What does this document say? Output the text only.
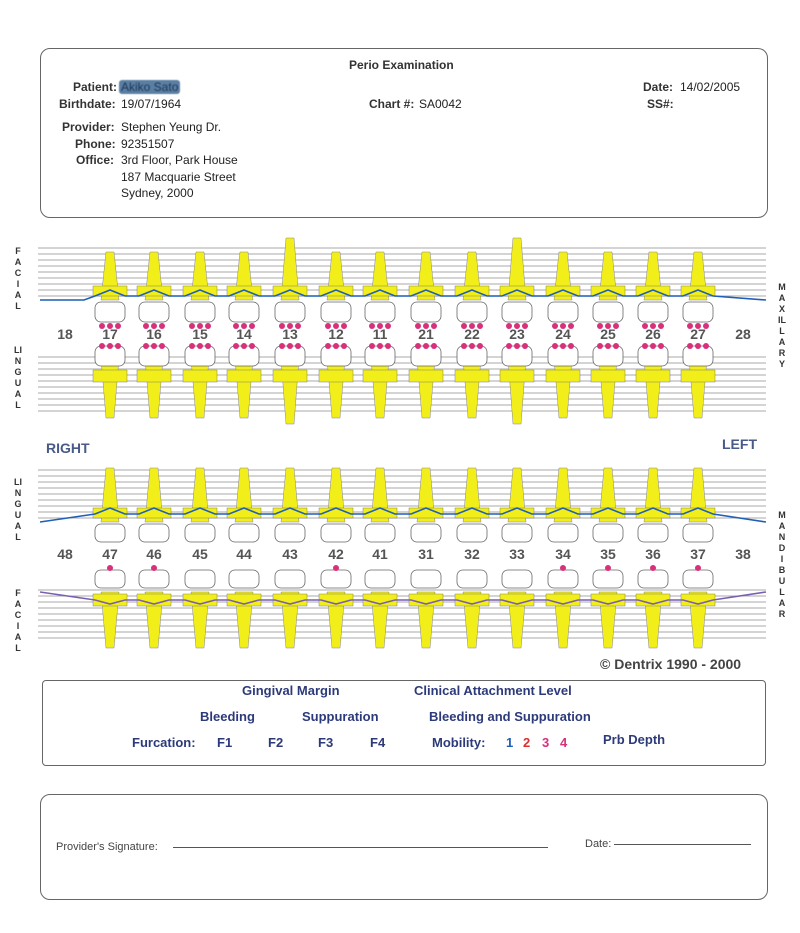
Perio Examination
Patient: Akiko Sato
Birthdate: 19/07/1964	Chart #: SA0042
Date: 14/02/2005
SS#:
Provider: Stephen Yeung Dr.
Phone: 92351507
Office: 3rd Floor, Park House
187 Macquarie Street
Sydney, 2000
FACIAL
LINGUAL
MAXILLARY
LINGUAL
FACIAL
MANDIBULAR
RIGHT	LEFT
18	17	16	15	14	13	12	11	21	22	23	24	25	26	27	28
48	47	46	45	44	43	42	41	31	32	33	34	35	36	37	38
© Dentrix 1990 - 2000
Gingival Margin	Clinical Attachment Level
Bleeding	Suppuration	Bleeding and Suppuration
Furcation: F1	F2	F3	F4	Mobility: 1 2 3 4	Prb Depth
Provider's Signature:	Date:
